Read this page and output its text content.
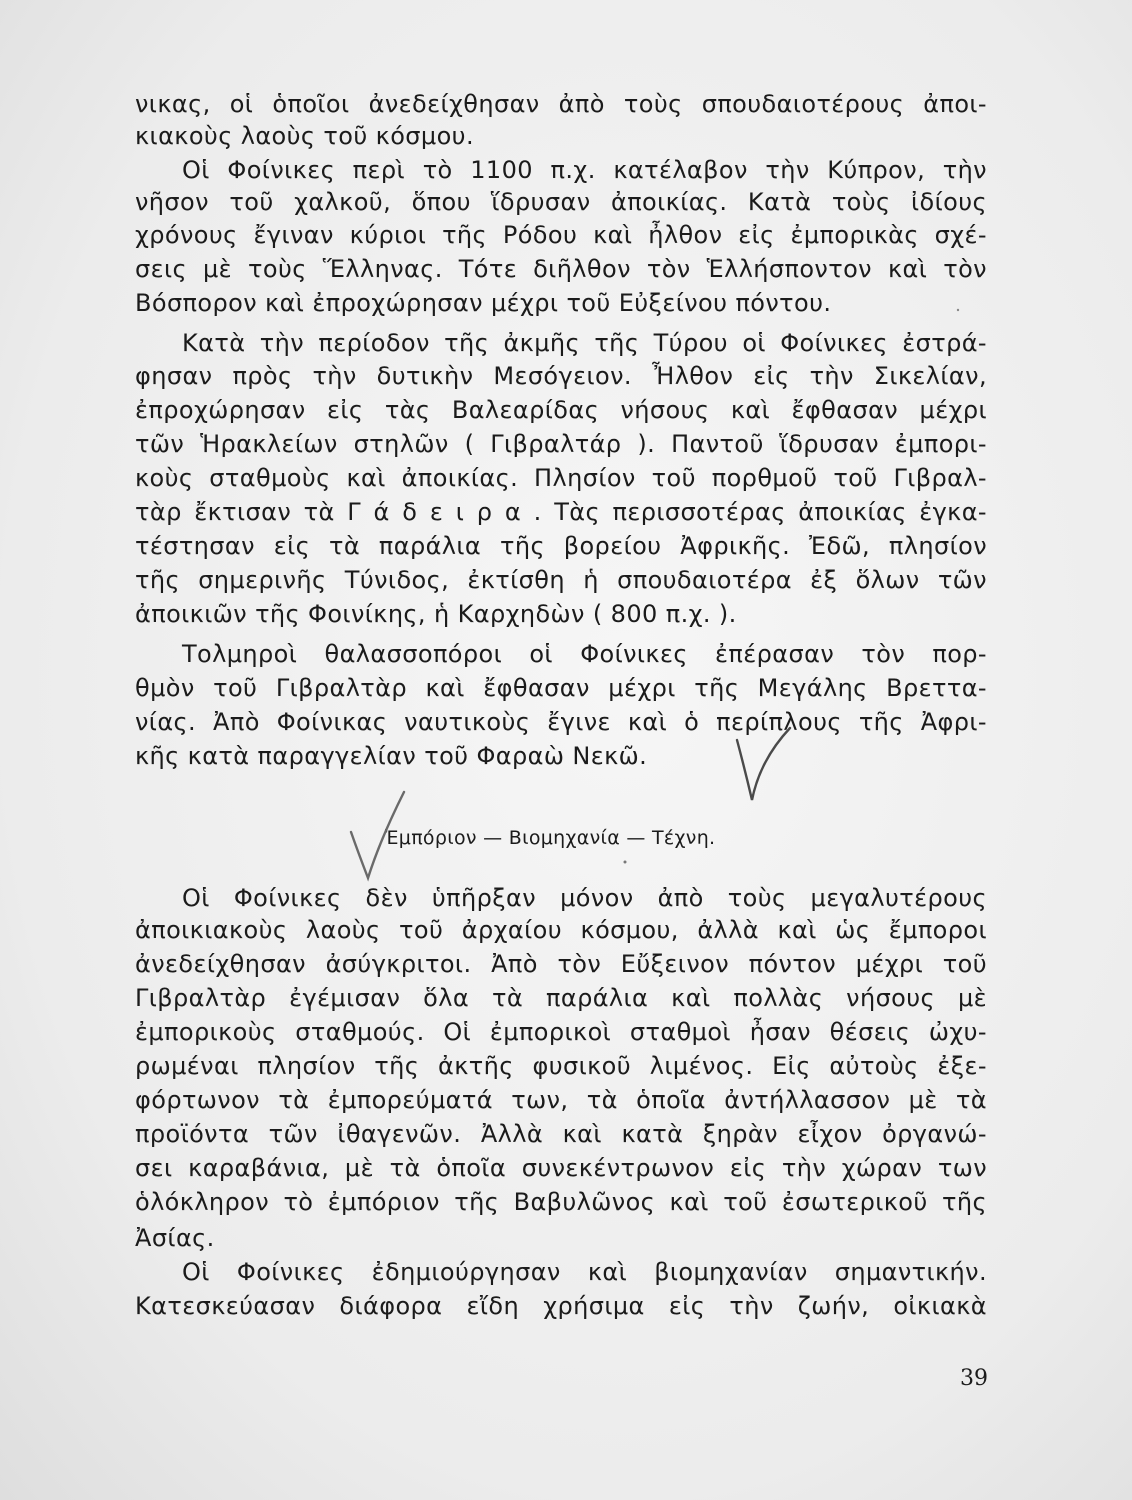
νικας, οἱ ὁποῖοι ἀνεδείχθησαν ἀπὸ τοὺς σπουδαιοτέρους ἀποι-
κιακοὺς λαοὺς τοῦ κόσμου.
Οἱ Φοίνικες περὶ τὸ 1100 π.χ. κατέλαβον τὴν Κύπρον, τὴν
νῆσον τοῦ χαλκοῦ, ὅπου ἵδρυσαν ἀποικίας. Κατὰ τοὺς ἰδίους
χρόνους ἔγιναν κύριοι τῆς Ρόδου καὶ ἦλθον εἰς ἐμπορικὰς σχέ-
σεις μὲ τοὺς Ἕλληνας. Τότε διῆλθον τὸν Ἑλλήσποντον καὶ τὸν
Βόσπορον καὶ ἐπροχώρησαν μέχρι τοῦ Εὐξείνου πόντου.
Κατὰ τὴν περίοδον τῆς ἀκμῆς τῆς Τύρου οἱ Φοίνικες ἐστρά-
φησαν πρὸς τὴν δυτικὴν Μεσόγειον. Ἦλθον εἰς τὴν Σικελίαν,
ἐπροχώρησαν εἰς τὰς Βαλεαρίδας νήσους καὶ ἔφθασαν μέχρι
τῶν Ἡρακλείων στηλῶν ( Γιβραλτάρ ). Παντοῦ ἵδρυσαν ἐμπορι-
κοὺς σταθμοὺς καὶ ἀποικίας. Πλησίον τοῦ πορθμοῦ τοῦ Γιβραλ-
τὰρ ἔκτισαν τὰ Γ ά δ ε ι ρ α . Τὰς περισσοτέρας ἀποικίας ἐγκα-
τέστησαν εἰς τὰ παράλια τῆς βορείου Ἀφρικῆς. Ἐδῶ, πλησίον
τῆς σημερινῆς Τύνιδος, ἐκτίσθη ἡ σπουδαιοτέρα ἐξ ὅλων τῶν
ἀποικιῶν τῆς Φοινίκης, ἡ Καρχηδὼν ( 800 π.χ. ).
Τολμηροὶ θαλασσοπόροι οἱ Φοίνικες ἐπέρασαν τὸν πορ-
θμὸν τοῦ Γιβραλτὰρ καὶ ἔφθασαν μέχρι τῆς Μεγάλης Βρεττα-
νίας. Ἀπὸ Φοίνικας ναυτικοὺς ἔγινε καὶ ὁ περίπλους τῆς Ἀφρι-
κῆς κατὰ παραγγελίαν τοῦ Φαραὼ Νεκῶ.
Ἐμπόριον — Βιομηχανία — Τέχνη.
Οἱ Φοίνικες δὲν ὑπῆρξαν μόνον ἀπὸ τοὺς μεγαλυτέρους
ἀποικιακοὺς λαοὺς τοῦ ἀρχαίου κόσμου, ἀλλὰ καὶ ὡς ἔμποροι
ἀνεδείχθησαν ἀσύγκριτοι. Ἀπὸ τὸν Εὔξεινον πόντον μέχρι τοῦ
Γιβραλτὰρ ἐγέμισαν ὅλα τὰ παράλια καὶ πολλὰς νήσους μὲ
ἐμπορικοὺς σταθμούς. Οἱ ἐμπορικοὶ σταθμοὶ ἦσαν θέσεις ὠχυ-
ρωμέναι πλησίον τῆς ἀκτῆς φυσικοῦ λιμένος. Εἰς αὐτοὺς ἐξε-
φόρτωνον τὰ ἐμπορεύματά των, τὰ ὁποῖα ἀντήλλασσον μὲ τὰ
προϊόντα τῶν ἰθαγενῶν. Ἀλλὰ καὶ κατὰ ξηρὰν εἶχον ὀργανώ-
σει καραβάνια, μὲ τὰ ὁποῖα συνεκέντρωνον εἰς τὴν χώραν των
ὁλόκληρον τὸ ἐμπόριον τῆς Βαβυλῶνος καὶ τοῦ ἐσωτερικοῦ τῆς
Ἀσίας.
Οἱ Φοίνικες ἐδημιούργησαν καὶ βιομηχανίαν σημαντικήν.
Κατεσκεύασαν διάφορα εἴδη χρήσιμα εἰς τὴν ζωήν, οἰκιακὰ
39
